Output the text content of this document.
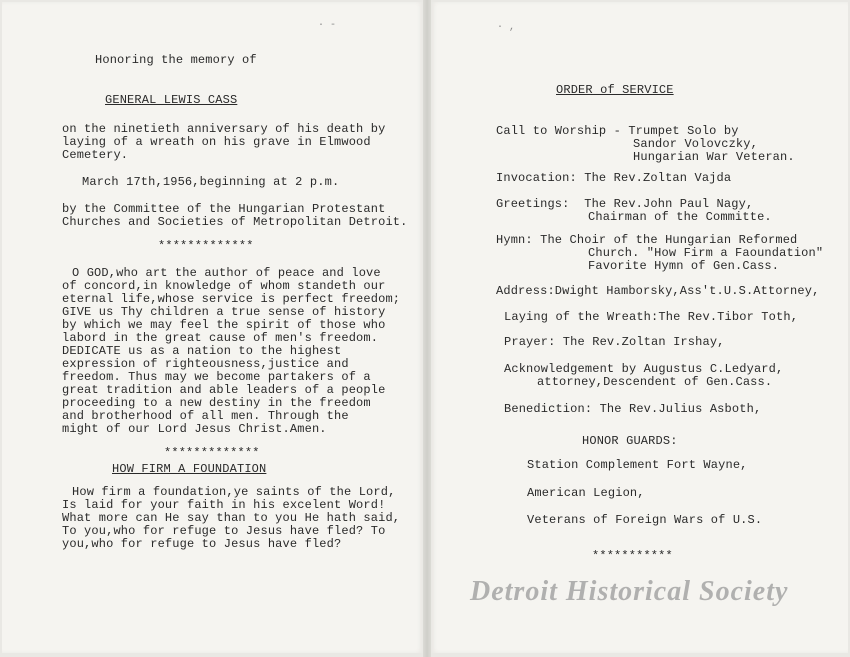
· -	· ,

Honoring the memory of

GENERAL LEWIS CASS

on the ninetieth anniversary of his death by

laying of a wreath on his grave in Elmwood

Cemetery.

March 17th,1956,beginning at 2 p.m.

by the Committee of the Hungarian Protestant

Churches and Societies of Metropolitan Detroit.

*************

O GOD,who art the author of peace and love

of concord,in knowledge of whom standeth our

eternal life,whose service is perfect freedom;

GIVE us Thy children a true sense of history

by which we may feel the spirit of those who

labord in the great cause of men's freedom.

DEDICATE us as a nation to the highest

expression of righteousness,justice and

freedom. Thus may we become partakers of a

great tradition and able leaders of a people

proceeding to a new destiny in the freedom

and brotherhood of all men. Through the

might of our Lord Jesus Christ.Amen.

*************

HOW FIRM A FOUNDATION

How firm a foundation,ye saints of the Lord,

Is laid for your faith in his excelent Word!

What more can He say than to you He hath said,

To you,who for refuge to Jesus have fled? To

you,who for refuge to Jesus have fled?

ORDER of SERVICE

Call to Worship - Trumpet Solo by

Sandor Volovczky,

Hungarian War Veteran.

Invocation: The Rev.Zoltan Vajda

Greetings:  The Rev.John Paul Nagy,

Chairman of the Committe.

Hymn: The Choir of the Hungarian Reformed

Church. "How Firm a Faoundation"

Favorite Hymn of Gen.Cass.

Address:Dwight Hamborsky,Ass't.U.S.Attorney,

Laying of the Wreath:The Rev.Tibor Toth,

Prayer: The Rev.Zoltan Irshay,

Acknowledgement by Augustus C.Ledyard,

attorney,Descendent of Gen.Cass.

Benediction: The Rev.Julius Asboth,

HONOR GUARDS:

Station Complement Fort Wayne,

American Legion,

Veterans of Foreign Wars of U.S.

***********

Detroit Historical Society
